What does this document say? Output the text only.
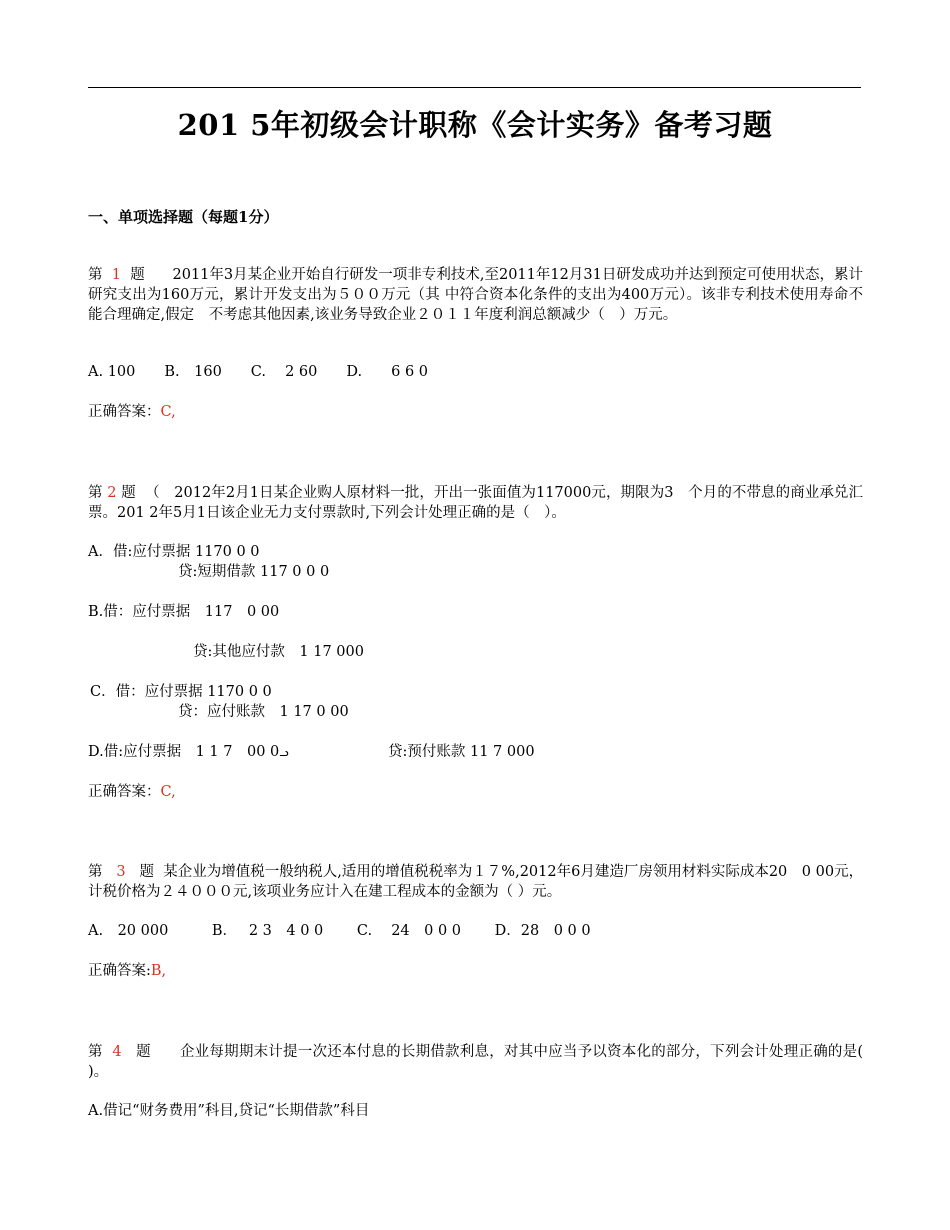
201 5年初级会计职称《会计实务》备考习题
一、单项选择题（每题1分）
第 1 题 2011年3月某企业开始自行研发一项非专利技术,至2011年12月31日研发成功并达到预定可使用状态，累计研究支出为160万元，累计开发支出为５００万元（其 中符合资本化条件的支出为400万元）。该非专利技术使用寿命不能合理确定,假定　不考虑其他因素,该业务导致企业２０１１年度利润总额减少（　）万元。
A. 100　　B.　160　　C.　 2 60　　D.　　6 6 0
正确答案：C,
第 2 题 （　2012年2月1日某企业购人原材料一批，开出一张面值为117000元，期限为3　个月的不带息的商业承兑汇票。201 2年5月1日该企业无力支付票款时,下列会计处理正确的是（　）。
A．借:应付票据 1170 0 0
贷:短期借款 117 0 0 0
B.借：应付票据　117　0 00
贷:其他应付款　1 17 000
C．借：应付票据 1170 0 0
贷：应付账款　1 17 0 00
D.借:应付票据　1 1 7　00 0ᓗ	贷:预付账款 11 7 000
正确答案：C,
第 3 题 某企业为增值税一般纳税人,适用的增值税税率为１７%,2012年6月建造厂房领用材料实际成本20　0 00元，计税价格为２４０００元,该项业务应计入在建工程成本的金额为（ ）元。
A.　20 000　　　B．　 2 3　4 0 0　　 C.　 24　0 0 0　　 D．28　0 0 0
正确答案:B,
第 4 题 企业每期期末计提一次还本付息的长期借款利息，对其中应当予以资本化的部分，下列会计处理正确的是( )。
A.借记“财务费用”科目,贷记“长期借款”科目
